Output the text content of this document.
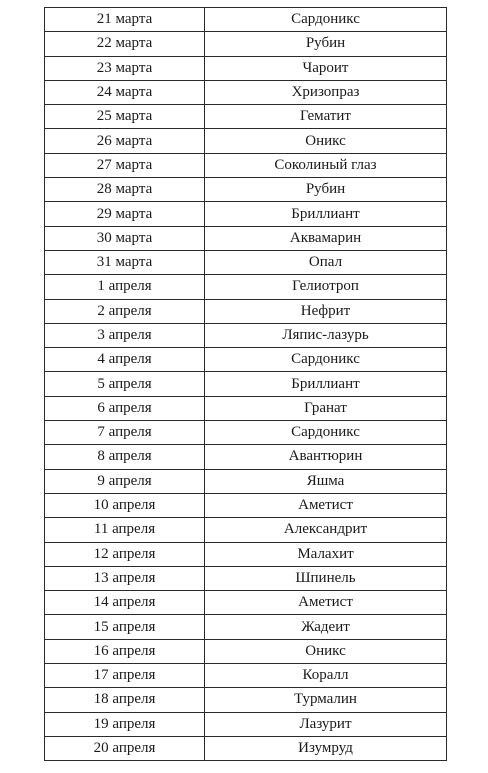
21 марта	Сардоникс
22 марта	Рубин
23 марта	Чароит
24 марта	Хризопраз
25 марта	Гематит
26 марта	Оникс
27 марта	Соколиный глаз
28 марта	Рубин
29 марта	Бриллиант
30 марта	Аквамарин
31 марта	Опал
1 апреля	Гелиотроп
2 апреля	Нефрит
3 апреля	Ляпис-лазурь
4 апреля	Сардоникс
5 апреля	Бриллиант
6 апреля	Гранат
7 апреля	Сардоникс
8 апреля	Авантюрин
9 апреля	Яшма
10 апреля	Аметист
11 апреля	Александрит
12 апреля	Малахит
13 апреля	Шпинель
14 апреля	Аметист
15 апреля	Жадеит
16 апреля	Оникс
17 апреля	Коралл
18 апреля	Турмалин
19 апреля	Лазурит
20 апреля	Изумруд
